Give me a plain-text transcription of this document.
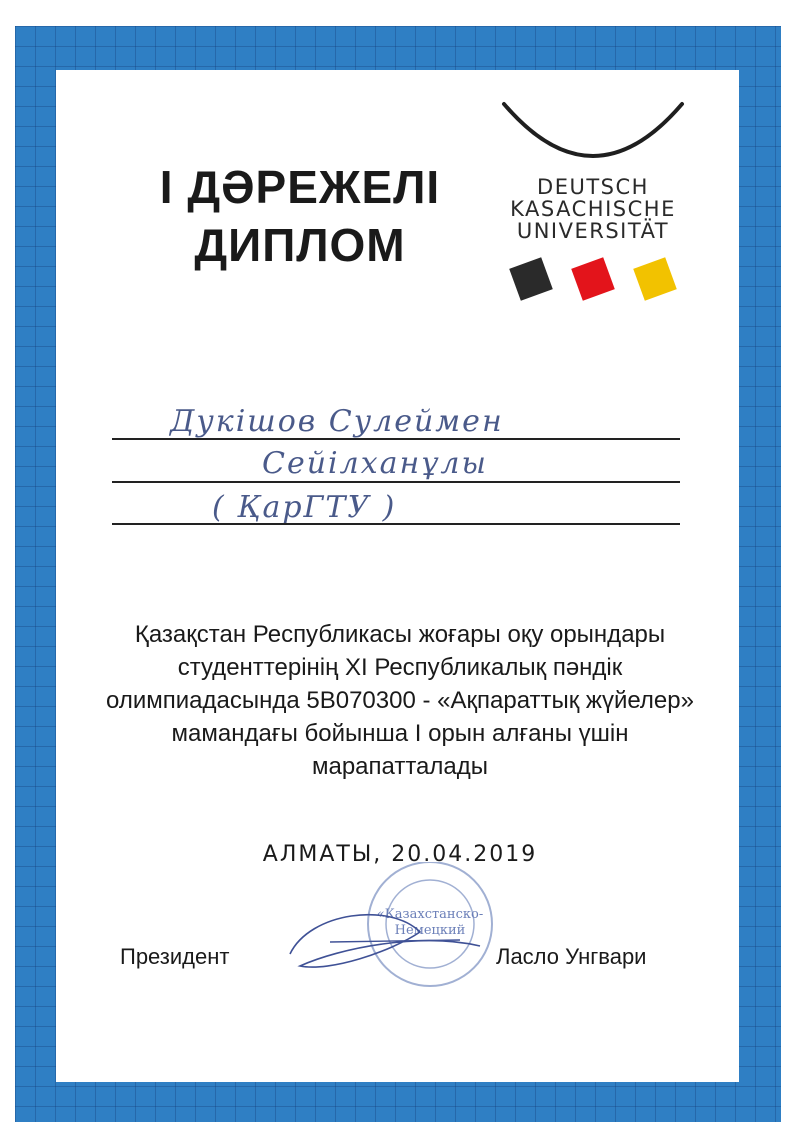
І ДӘРЕЖЕЛІ
ДИПЛОМ
DEUTSCH
KASACHISCHE
UNIVERSITÄT
Дукішов Сулеймен
Сейілханұлы
( ҚарГТУ )
Қазақстан Республикасы жоғары оқу орындары студенттерінің XI Республикалық пәндік олимпиадасында 5B070300 - «Ақпараттық жүйелер» мамандағы бойынша І орын алғаны үшін марапатталады
АЛМАТЫ, 20.04.2019
Президент	Ласло Унгвари
«Казахстанско-
Немецкий
